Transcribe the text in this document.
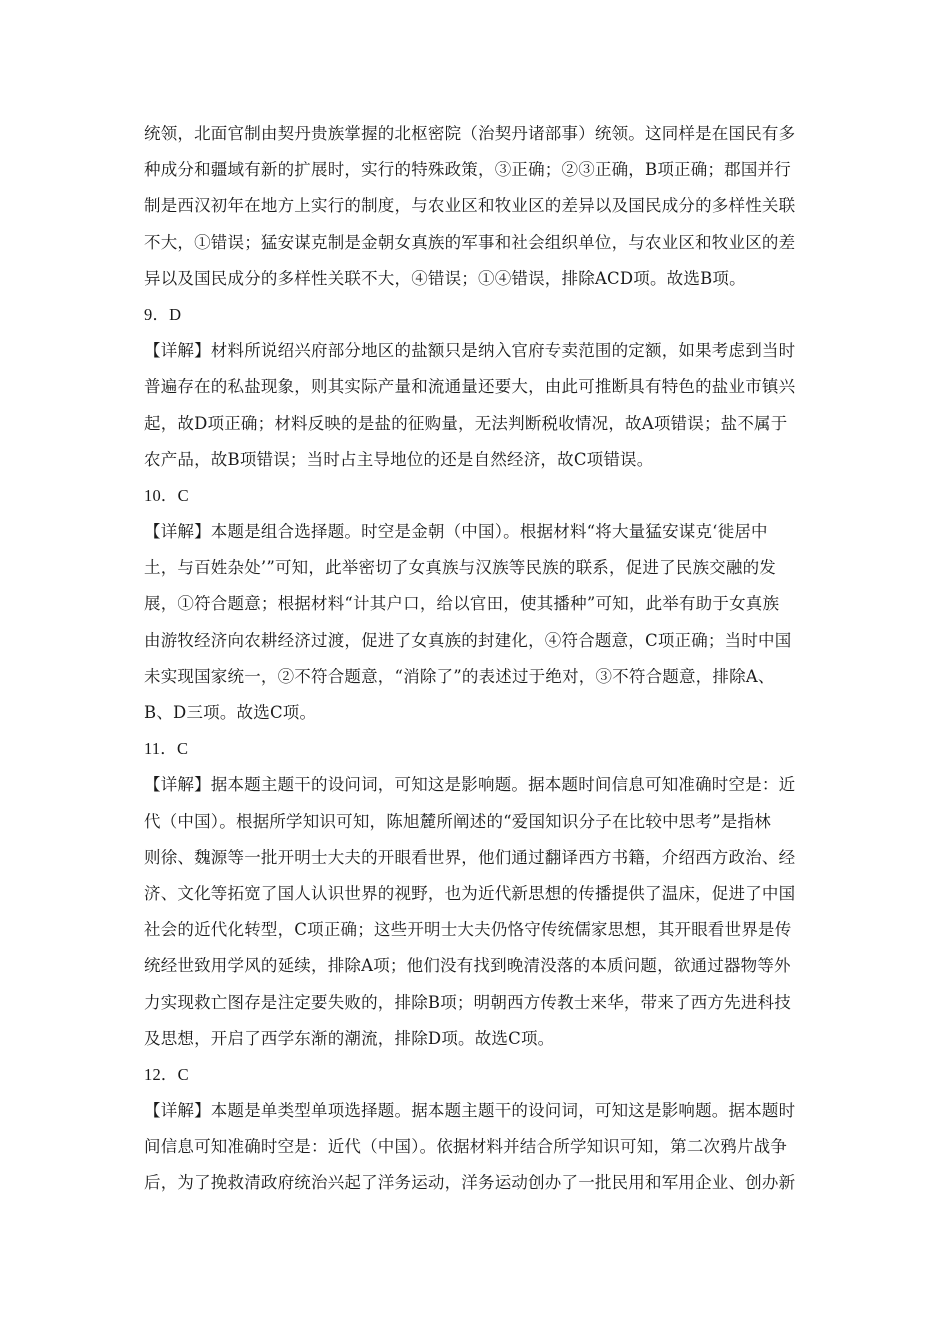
统领，北面官制由契丹贵族掌握的北枢密院（治契丹诸部事）统领。这同样是在国民有多
种成分和疆域有新的扩展时，实行的特殊政策，③正确；②③正确，B项正确；郡国并行
制是西汉初年在地方上实行的制度，与农业区和牧业区的差异以及国民成分的多样性关联
不大，①错误；猛安谋克制是金朝女真族的军事和社会组织单位，与农业区和牧业区的差
异以及国民成分的多样性关联不大，④错误；①④错误，排除ACD项。故选B项。
9．D
【详解】材料所说绍兴府部分地区的盐额只是纳入官府专卖范围的定额，如果考虑到当时
普遍存在的私盐现象，则其实际产量和流通量还要大，由此可推断具有特色的盐业市镇兴
起，故D项正确；材料反映的是盐的征购量，无法判断税收情况，故A项错误；盐不属于
农产品，故B项错误；当时占主导地位的还是自然经济，故C项错误。
10．C
【详解】本题是组合选择题。时空是金朝（中国）。根据材料“将大量猛安谋克‘徙居中
土，与百姓杂处’”可知，此举密切了女真族与汉族等民族的联系，促进了民族交融的发
展，①符合题意；根据材料“计其户口，给以官田，使其播种”可知，此举有助于女真族
由游牧经济向农耕经济过渡，促进了女真族的封建化，④符合题意，C项正确；当时中国
未实现国家统一，②不符合题意，“消除了”的表述过于绝对，③不符合题意，排除A、
B、D三项。故选C项。
11．C
【详解】据本题主题干的设问词，可知这是影响题。据本题时间信息可知准确时空是：近
代（中国）。根据所学知识可知，陈旭麓所阐述的“爱国知识分子在比较中思考”是指林
则徐、魏源等一批开明士大夫的开眼看世界，他们通过翻译西方书籍，介绍西方政治、经
济、文化等拓宽了国人认识世界的视野，也为近代新思想的传播提供了温床，促进了中国
社会的近代化转型，C项正确；这些开明士大夫仍恪守传统儒家思想，其开眼看世界是传
统经世致用学风的延续，排除A项；他们没有找到晚清没落的本质问题，欲通过器物等外
力实现救亡图存是注定要失败的，排除B项；明朝西方传教士来华，带来了西方先进科技
及思想，开启了西学东渐的潮流，排除D项。故选C项。
12．C
【详解】本题是单类型单项选择题。据本题主题干的设问词，可知这是影响题。据本题时
间信息可知准确时空是：近代（中国）。依据材料并结合所学知识可知，第二次鸦片战争
后，为了挽救清政府统治兴起了洋务运动，洋务运动创办了一批民用和军用企业、创办新
